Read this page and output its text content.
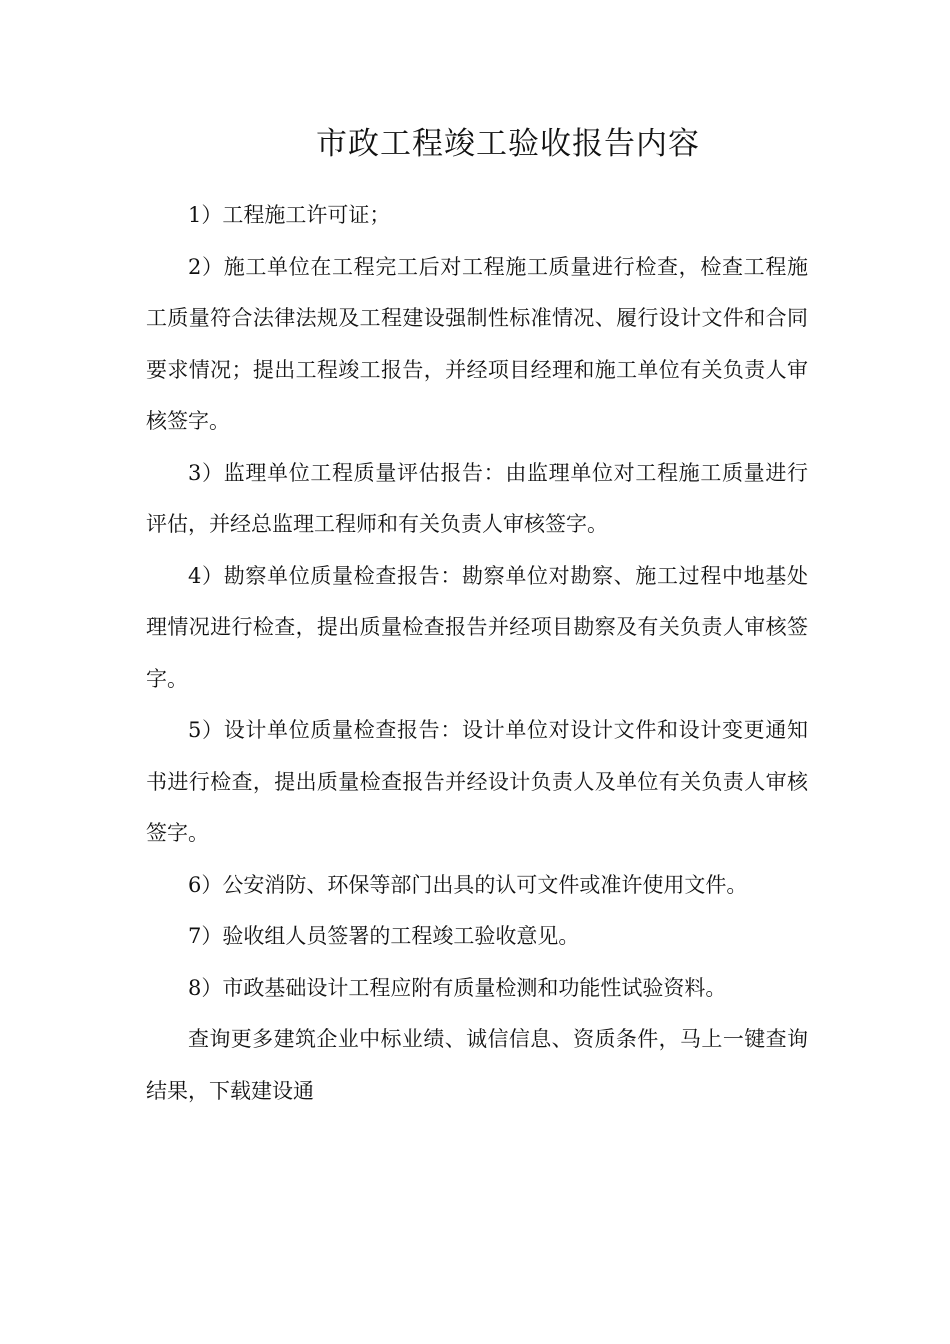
市政工程竣工验收报告内容

1）工程施工许可证；

2）施工单位在工程完工后对工程施工质量进行检查，检查工程施工质量符合法律法规及工程建设强制性标准情况、履行设计文件和合同要求情况；提出工程竣工报告，并经项目经理和施工单位有关负责人审核签字。

3）监理单位工程质量评估报告：由监理单位对工程施工质量进行评估，并经总监理工程师和有关负责人审核签字。

4）勘察单位质量检查报告：勘察单位对勘察、施工过程中地基处理情况进行检查，提出质量检查报告并经项目勘察及有关负责人审核签字。

5）设计单位质量检查报告：设计单位对设计文件和设计变更通知书进行检查，提出质量检查报告并经设计负责人及单位有关负责人审核签字。

6）公安消防、环保等部门出具的认可文件或准许使用文件。

7）验收组人员签署的工程竣工验收意见。

8）市政基础设计工程应附有质量检测和功能性试验资料。

查询更多建筑企业中标业绩、诚信信息、资质条件，马上一键查询结果，下载建设通
